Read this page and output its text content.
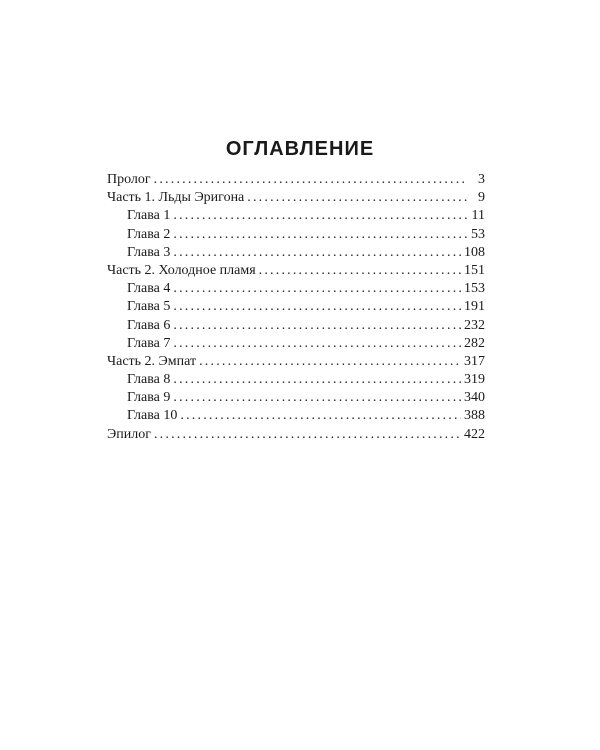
ОГЛАВЛЕНИЕ
Пролог .....	3
Часть 1. Льды Эригона .....	9
Глава 1 .....	11
Глава 2 .....	53
Глава 3 .....	108
Часть 2. Холодное пламя .....	151
Глава 4 .....	153
Глава 5 .....	191
Глава 6 .....	232
Глава 7 .....	282
Часть 2. Эмпат .....	317
Глава 8 .....	319
Глава 9 .....	340
Глава 10 .....	388
Эпилог .....	422
